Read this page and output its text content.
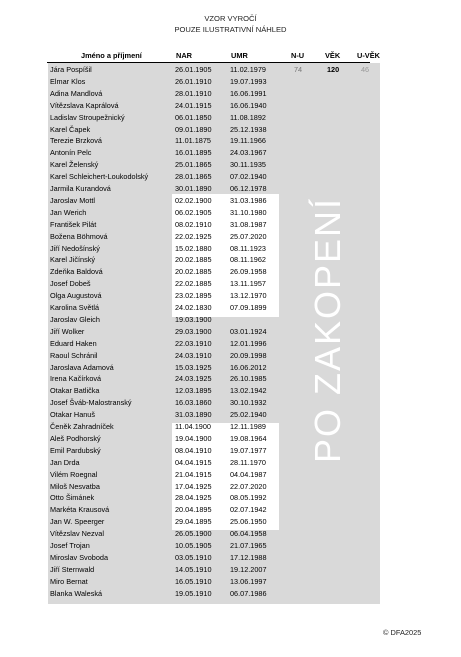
VZOR VYROČÍ
POUZE ILUSTRATIVNÍ NÁHLED
Jméno a příjmení	NAR	UMR	N-U	VĚK U-VĚK
PO ZAKOPENÍ
Jára Pospíšil	26.01.1905	11.02.1979	74	120	46
Elmar Klos	26.01.1910	19.07.1993
Adina Mandlová	28.01.1910	16.06.1991
Vítězslava Kaprálová	24.01.1915	16.06.1940
Ladislav Stroupežnický	06.01.1850	11.08.1892
Karel Čapek	09.01.1890	25.12.1938
Terezie Brzková	11.01.1875	19.11.1966
Antonín Pelc	16.01.1895	24.03.1967
Karel Želenský	25.01.1865	30.11.1935
Karel Schleichert-Loukodolský	28.01.1865	07.02.1940
Jarmila Kurandová	30.01.1890	06.12.1978
Jaroslav Mottl	02.02.1900	31.03.1986
Jan Werich	06.02.1905	31.10.1980
František Pilát	08.02.1910	31.08.1987
Božena Böhmová	22.02.1925	25.07.2020
Jiří Nedošínský	15.02.1880	08.11.1923
Karel Jičínský	20.02.1885	08.11.1962
Zdeňka Baldová	20.02.1885	26.09.1958
Josef Dobeš	22.02.1885	13.11.1957
Olga Augustová	23.02.1895	13.12.1970
Karolina Světlá	24.02.1830	07.09.1899
Jaroslav Gleich	19.03.1900
Jiří Wolker	29.03.1900	03.01.1924
Eduard Haken	22.03.1910	12.01.1996
Raoul Schránil	24.03.1910	20.09.1998
Jaroslava Adamová	15.03.1925	16.06.2012
Irena Kačírková	24.03.1925	26.10.1985
Otakar Batlička	12.03.1895	13.02.1942
Josef Šváb-Malostranský	16.03.1860	30.10.1932
Otakar Hanuš	31.03.1890	25.02.1940
Čeněk Zahradníček	11.04.1900	12.11.1989
Aleš Podhorský	19.04.1900	19.08.1964
Emil Pardubský	08.04.1910	19.07.1977
Jan Drda	04.04.1915	28.11.1970
Vilém Roegnal	21.04.1915	04.04.1987
Miloš Nesvatba	17.04.1925	22.07.2020
Otto Šimánek	28.04.1925	08.05.1992
Markéta Krausová	20.04.1895	02.07.1942
Jan W. Speerger	29.04.1895	25.06.1950
Vítězslav Nezval	26.05.1900	06.04.1958
Josef Trojan	10.05.1905	21.07.1965
Miroslav Svoboda	03.05.1910	17.12.1988
Jiří Sternwald	14.05.1910	19.12.2007
Miro Bernat	16.05.1910	13.06.1997
Blanka Waleská	19.05.1910	06.07.1986
© DFA2025
